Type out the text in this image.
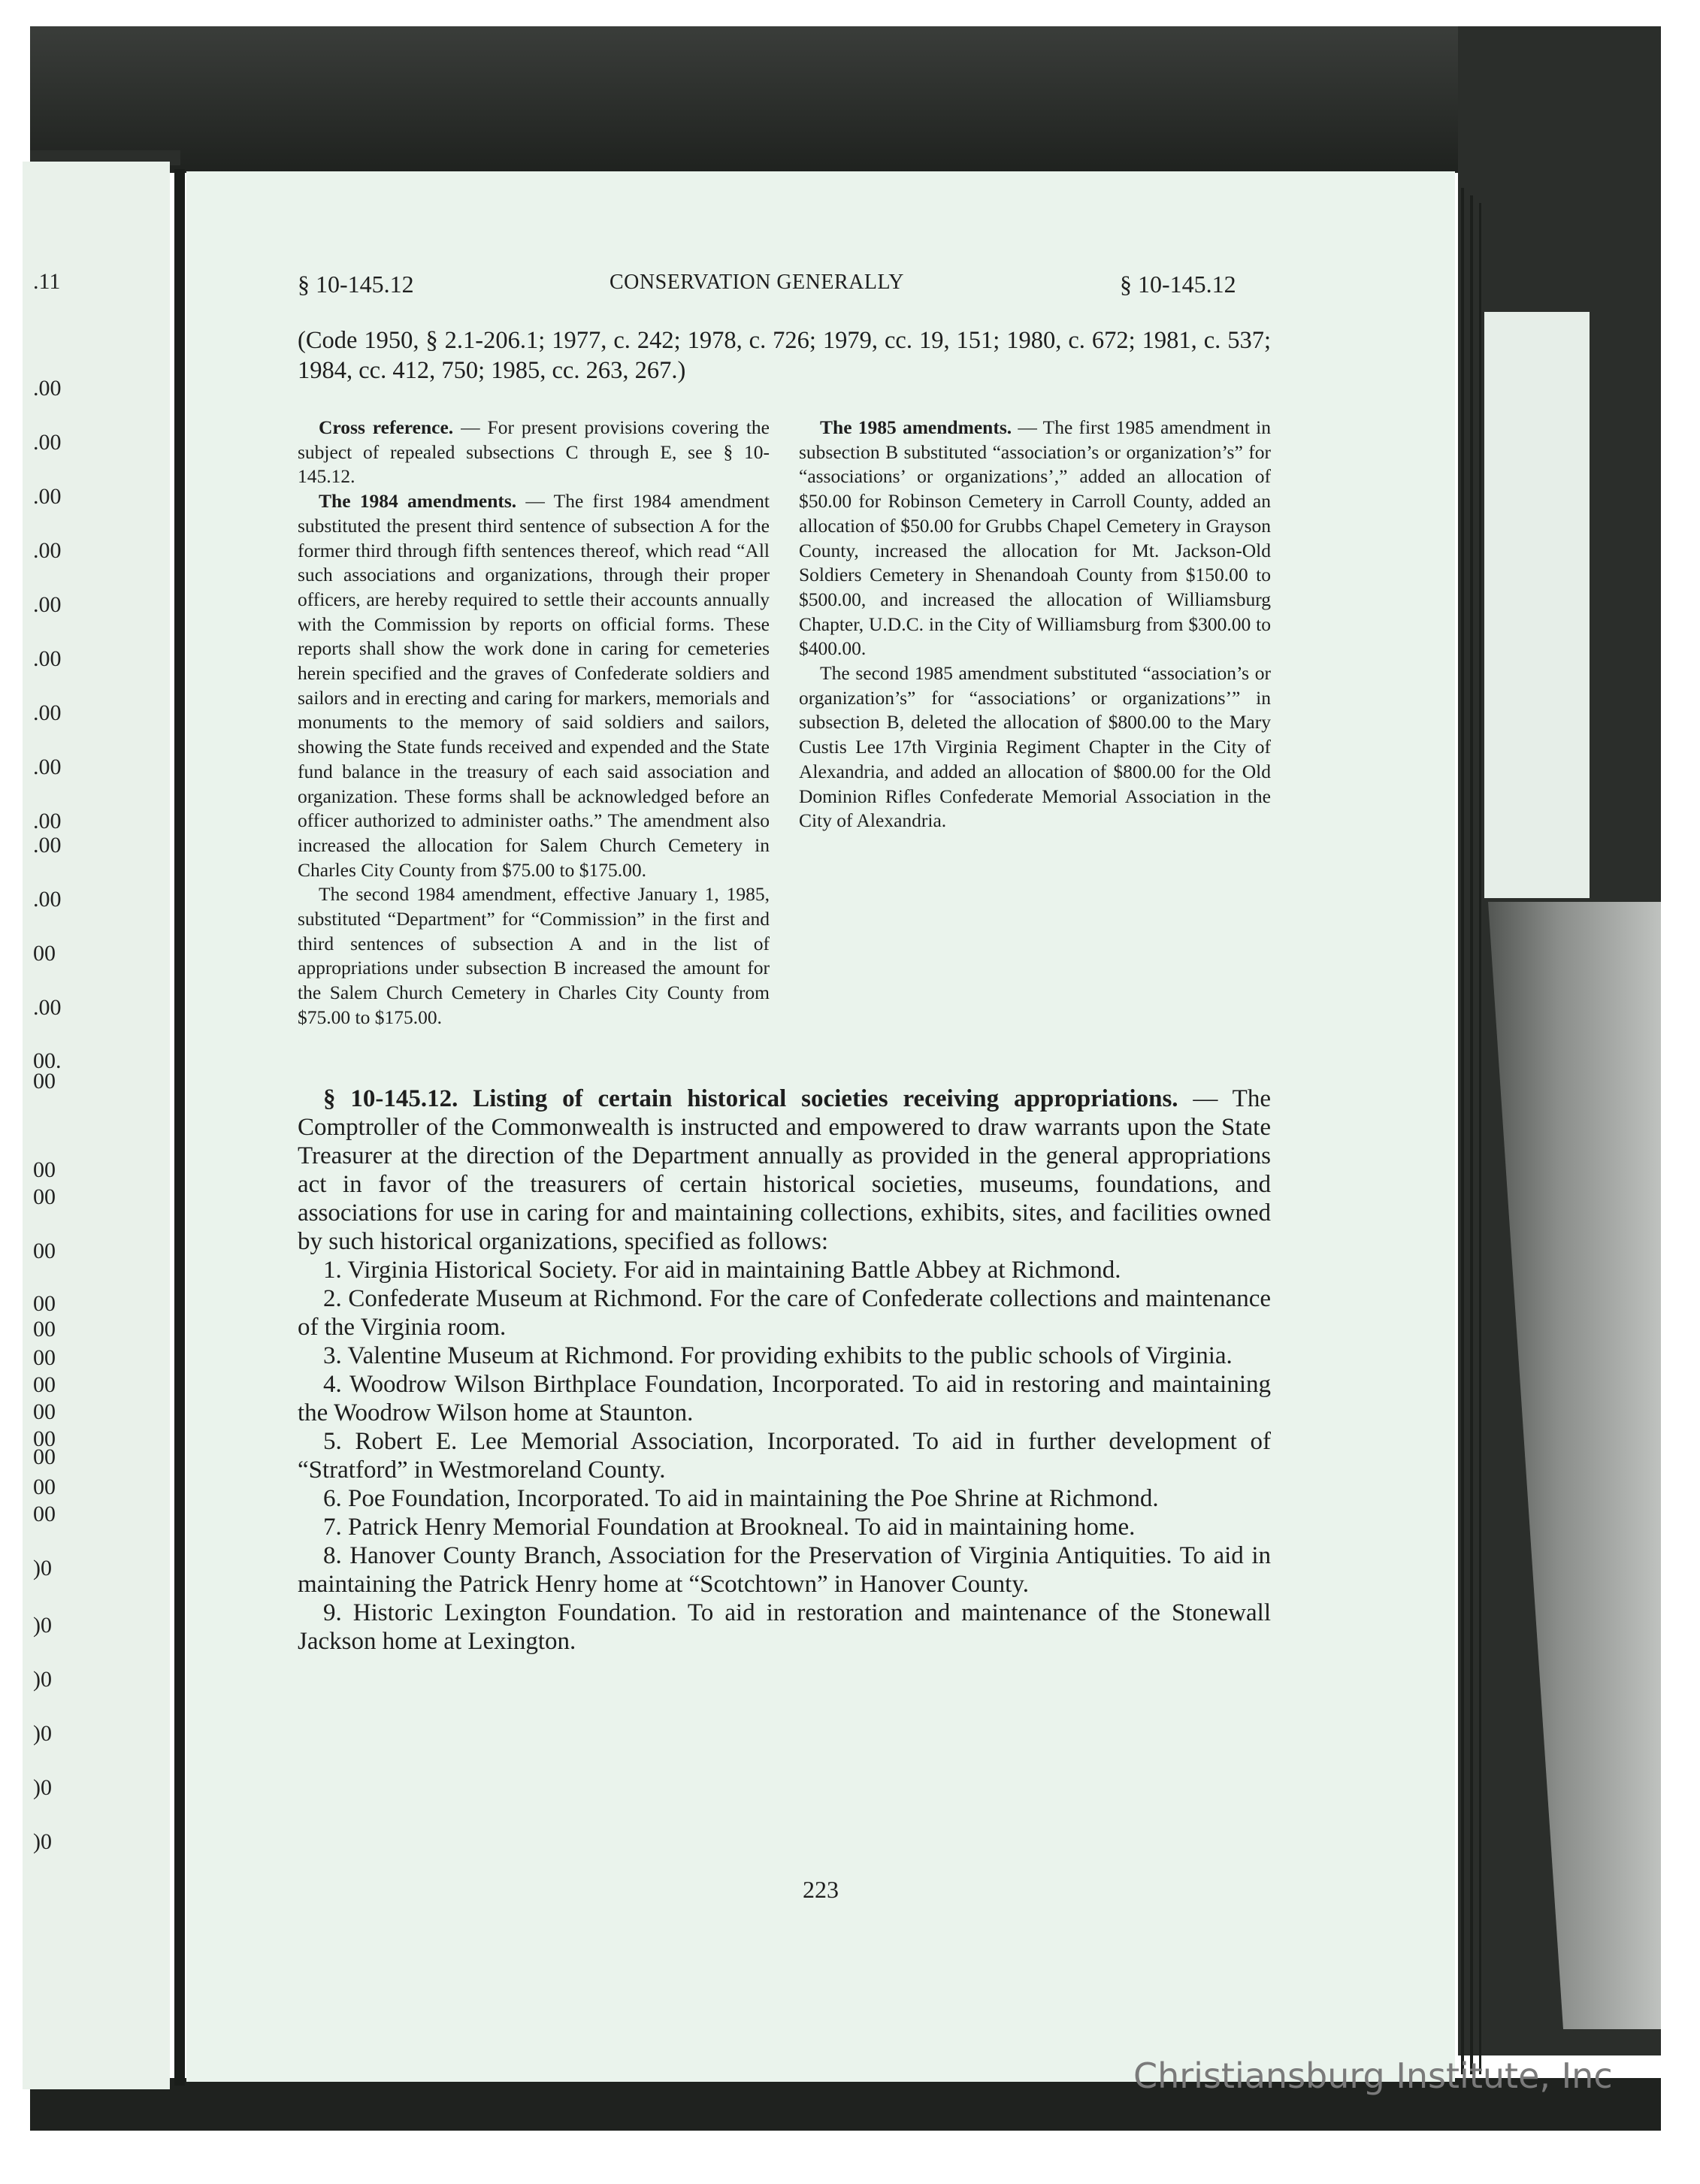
.11
.00
.00
.00
.00
.00
.00
.00
.00
.00
.00
.00
00
.00
00.
00
00
00
00
00
00
00
00
00
00
00
00
00
)0
)0
)0
)0
)0
)0
§ 10-145.12	CONSERVATION GENERALLY	§ 10-145.12
(Code 1950, § 2.1-206.1; 1977, c. 242; 1978, c. 726; 1979, cc. 19, 151; 1980, c. 672; 1981, c. 537; 1984, cc. 412, 750; 1985, cc. 263, 267.)

Cross reference. — For present provisions covering the subject of repealed subsections C through E, see § 10-145.12.

The 1984 amendments. — The first 1984 amendment substituted the present third sentence of subsection A for the former third through fifth sentences thereof, which read “All such associations and organizations, through their proper officers, are hereby required to settle their accounts annually with the Commission by reports on official forms. These reports shall show the work done in caring for cemeteries herein specified and the graves of Confederate soldiers and sailors and in erecting and caring for markers, memorials and monuments to the memory of said soldiers and sailors, showing the State funds received and expended and the State fund balance in the treasury of each said association and organization. These forms shall be acknowledged before an officer authorized to administer oaths.” The amendment also increased the allocation for Salem Church Cemetery in Charles City County from $75.00 to $175.00.

The second 1984 amendment, effective January 1, 1985, substituted “Department” for “Commission” in the first and third sentences of subsection A and in the list of appropriations under subsection B increased the amount for the Salem Church Cemetery in Charles City County from $75.00 to $175.00.

The 1985 amendments. — The first 1985 amendment in subsection B substituted “association’s or organization’s” for “associations’ or organizations’,” added an allocation of $50.00 for Robinson Cemetery in Carroll County, added an allocation of $50.00 for Grubbs Chapel Cemetery in Grayson County, increased the allocation for Mt. Jackson-Old Soldiers Cemetery in Shenandoah County from $150.00 to $500.00, and increased the allocation of Williamsburg Chapter, U.D.C. in the City of Williamsburg from $300.00 to $400.00.

The second 1985 amendment substituted “association’s or organization’s” for “associations’ or organizations’” in subsection B, deleted the allocation of $800.00 to the Mary Custis Lee 17th Virginia Regiment Chapter in the City of Alexandria, and added an allocation of $800.00 for the Old Dominion Rifles Confederate Memorial Association in the City of Alexandria.

§ 10-145.12. Listing of certain historical societies receiving appropriations. — The Comptroller of the Commonwealth is instructed and empowered to draw warrants upon the State Treasurer at the direction of the Department annually as provided in the general appropriations act in favor of the treasurers of certain historical societies, museums, foundations, and associations for use in caring for and maintaining collections, exhibits, sites, and facilities owned by such historical organizations, specified as follows:

1. Virginia Historical Society. For aid in maintaining Battle Abbey at Richmond.

2. Confederate Museum at Richmond. For the care of Confederate collections and maintenance of the Virginia room.

3. Valentine Museum at Richmond. For providing exhibits to the public schools of Virginia.

4. Woodrow Wilson Birthplace Foundation, Incorporated. To aid in restoring and maintaining the Woodrow Wilson home at Staunton.

5. Robert E. Lee Memorial Association, Incorporated. To aid in further development of “Stratford” in Westmoreland County.

6. Poe Foundation, Incorporated. To aid in maintaining the Poe Shrine at Richmond.

7. Patrick Henry Memorial Foundation at Brookneal. To aid in maintaining home.

8. Hanover County Branch, Association for the Preservation of Virginia Antiquities. To aid in maintaining the Patrick Henry home at “Scotchtown” in Hanover County.

9. Historic Lexington Foundation. To aid in restoration and maintenance of the Stonewall Jackson home at Lexington.

223
Christiansburg Institute, Inc
